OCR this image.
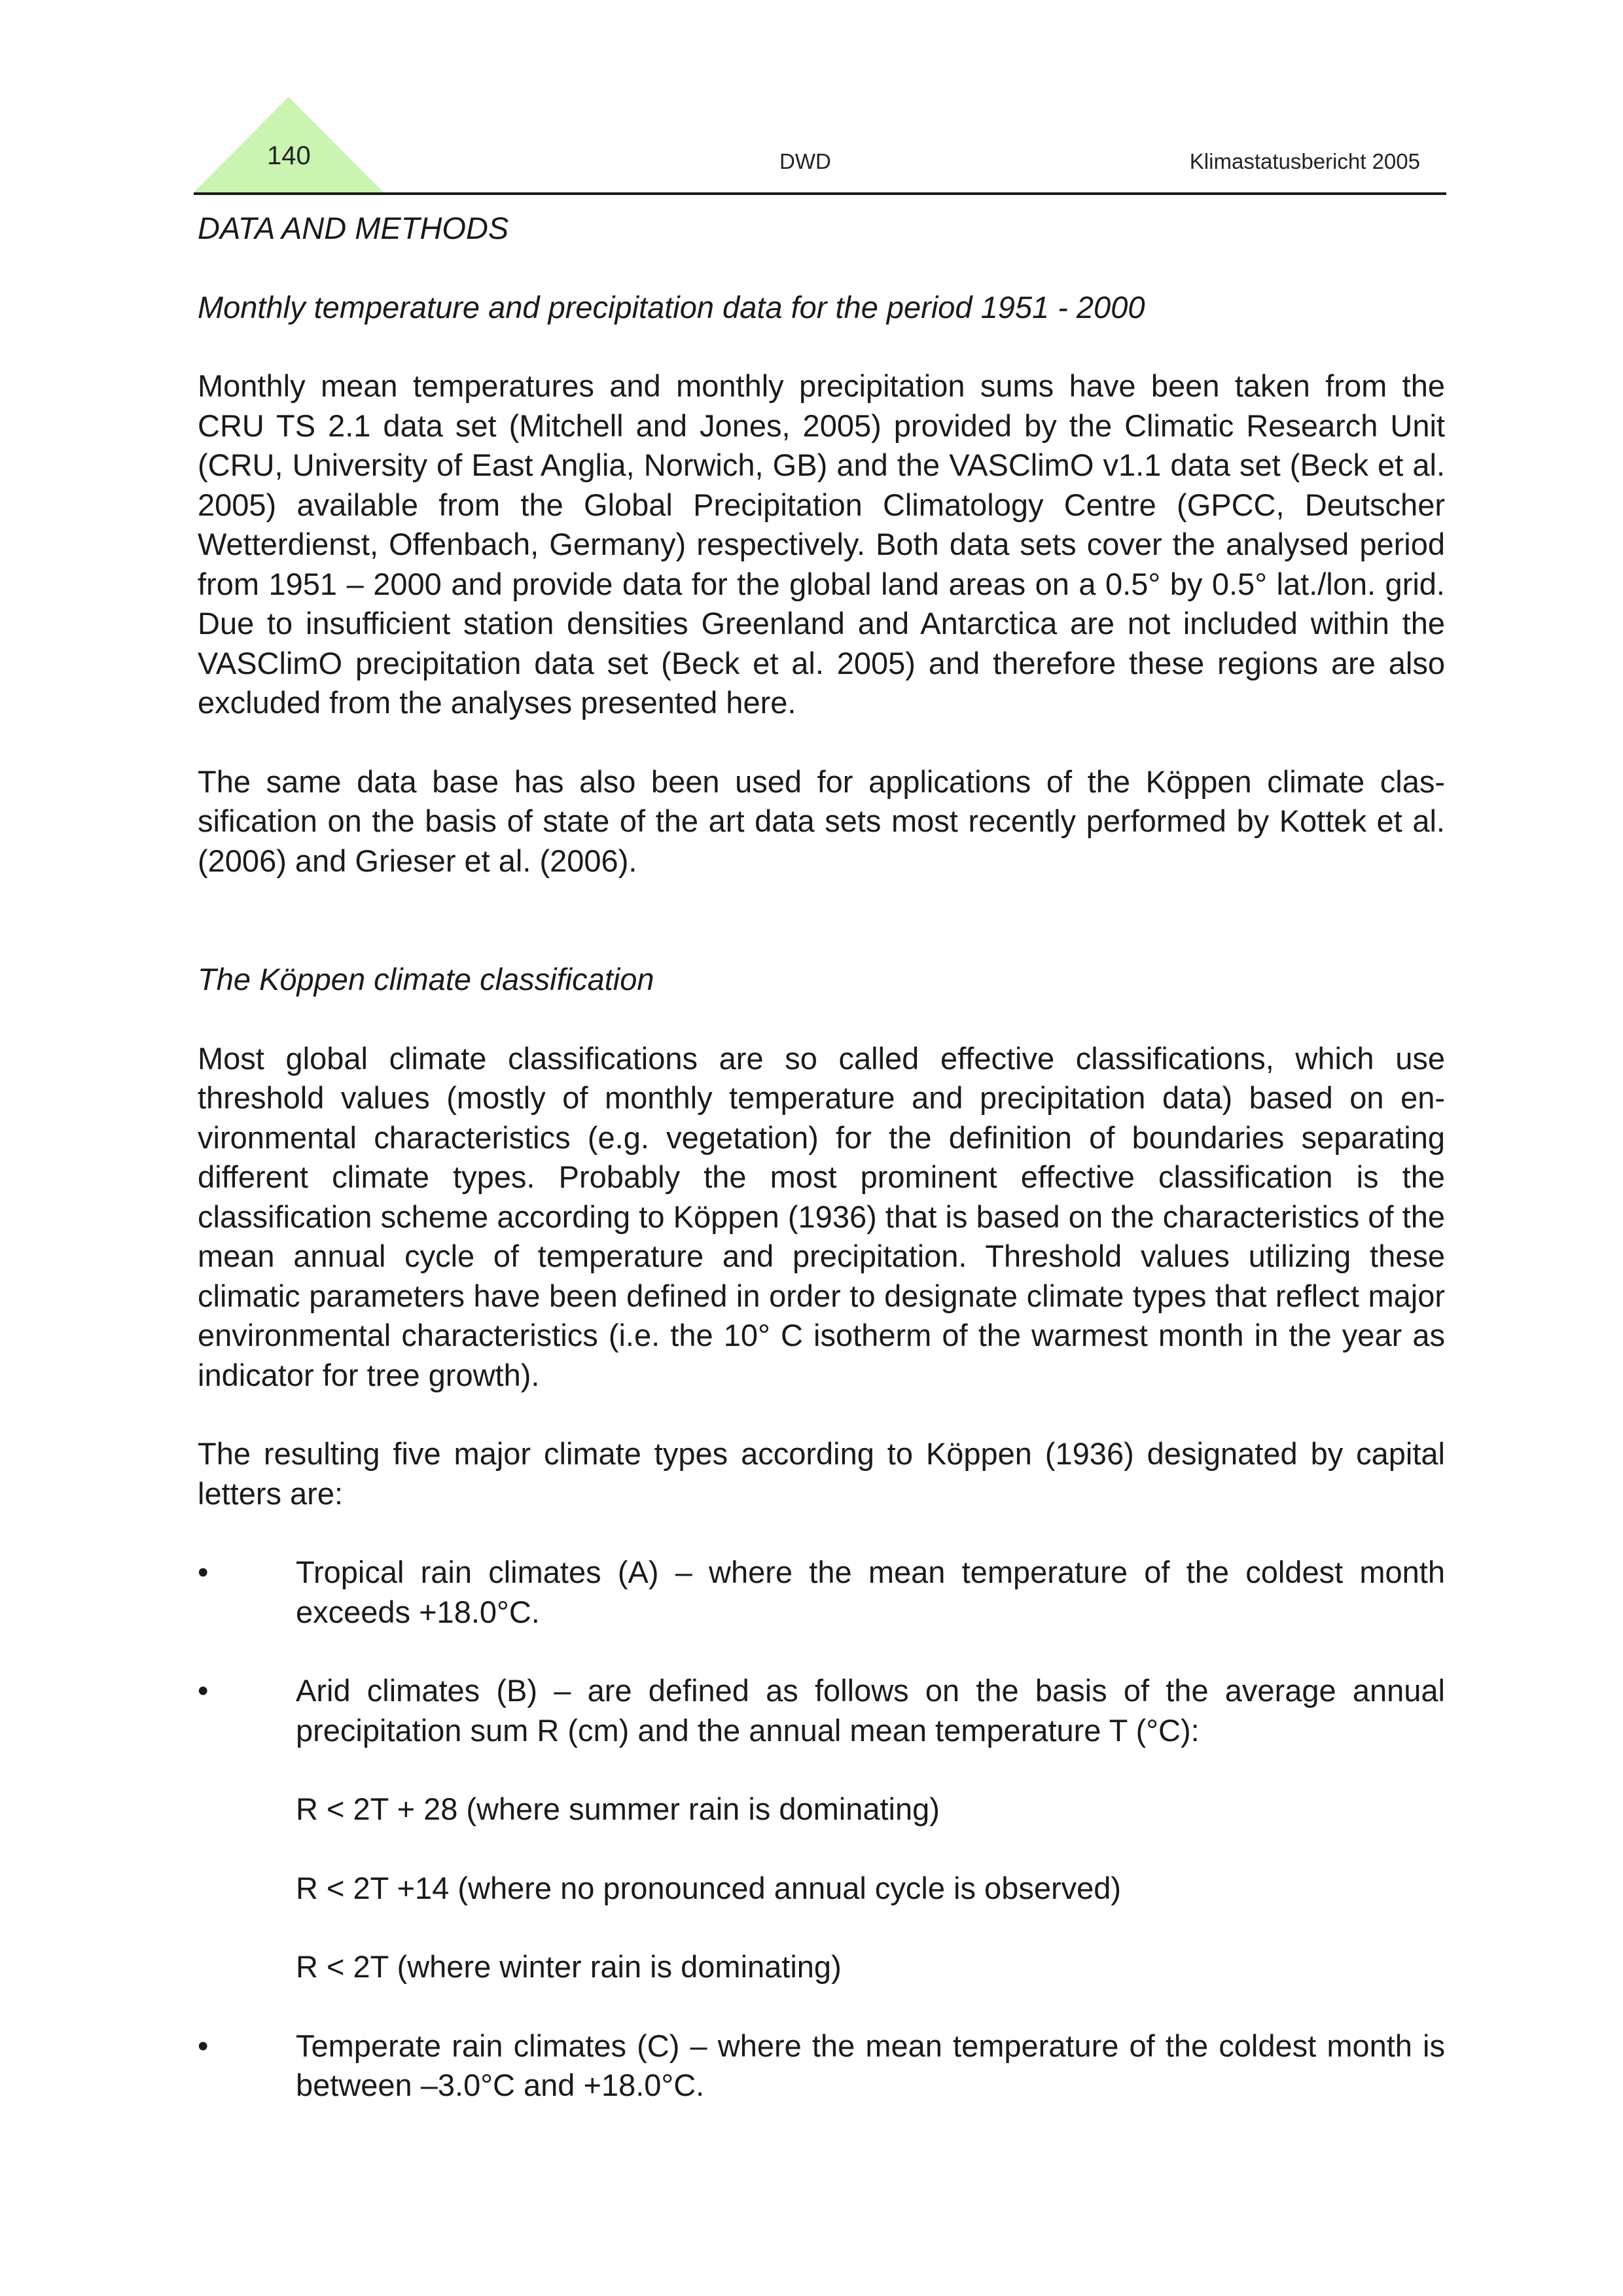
140	DWD	Klimastatusbericht 2005

DATA AND METHODS

Monthly temperature and precipitation data for the period 1951 - 2000

Monthly mean temperatures and monthly precipitation sums have been taken from the CRU TS 2.1 data set (Mitchell and Jones, 2005) provided by the Climatic Research Unit (CRU, University of East Anglia, Norwich, GB) and the VASClimO v1.1 data set (Beck et al. 2005) available from the Global Precipitation Climatology Centre (GPCC, Deutscher Wetterdienst, Offenbach, Germany) respectively. Both data sets cover the analysed period from 1951 – 2000 and provide data for the global land areas on a 0.5° by 0.5° lat./lon. grid. Due to insufficient station densities Greenland and Antarctica are not included within the VASClimO precipitation data set (Beck et al. 2005) and therefore these regions are also excluded from the analyses presented here.

The same data base has also been used for applications of the Köppen climate classification on the basis of state of the art data sets most recently performed by Kottek et al. (2006) and Grieser et al. (2006).

The Köppen climate classification

Most global climate classifications are so called effective classifications, which use threshold values (mostly of monthly temperature and precipitation data) based on environmental characteristics (e.g. vegetation) for the definition of boundaries separating different climate types. Probably the most prominent effective classification is the classification scheme according to Köppen (1936) that is based on the characteristics of the mean annual cycle of temperature and precipitation. Threshold values utilizing these climatic parameters have been defined in order to designate climate types that reflect major environmental characteristics (i.e. the 10° C isotherm of the warmest month in the year as indicator for tree growth).

The resulting five major climate types according to Köppen (1936) designated by capital letters are:

•	Tropical rain climates (A) – where the mean temperature of the coldest month exceeds +18.0°C.

•	Arid climates (B) – are defined as follows on the basis of the average annual precipitation sum R (cm) and the annual mean temperature T (°C):

R < 2T + 28 (where summer rain is dominating)

R < 2T +14 (where no pronounced annual cycle is observed)

R < 2T (where winter rain is dominating)

•	Temperate rain climates (C) – where the mean temperature of the coldest month is between –3.0°C and +18.0°C.
